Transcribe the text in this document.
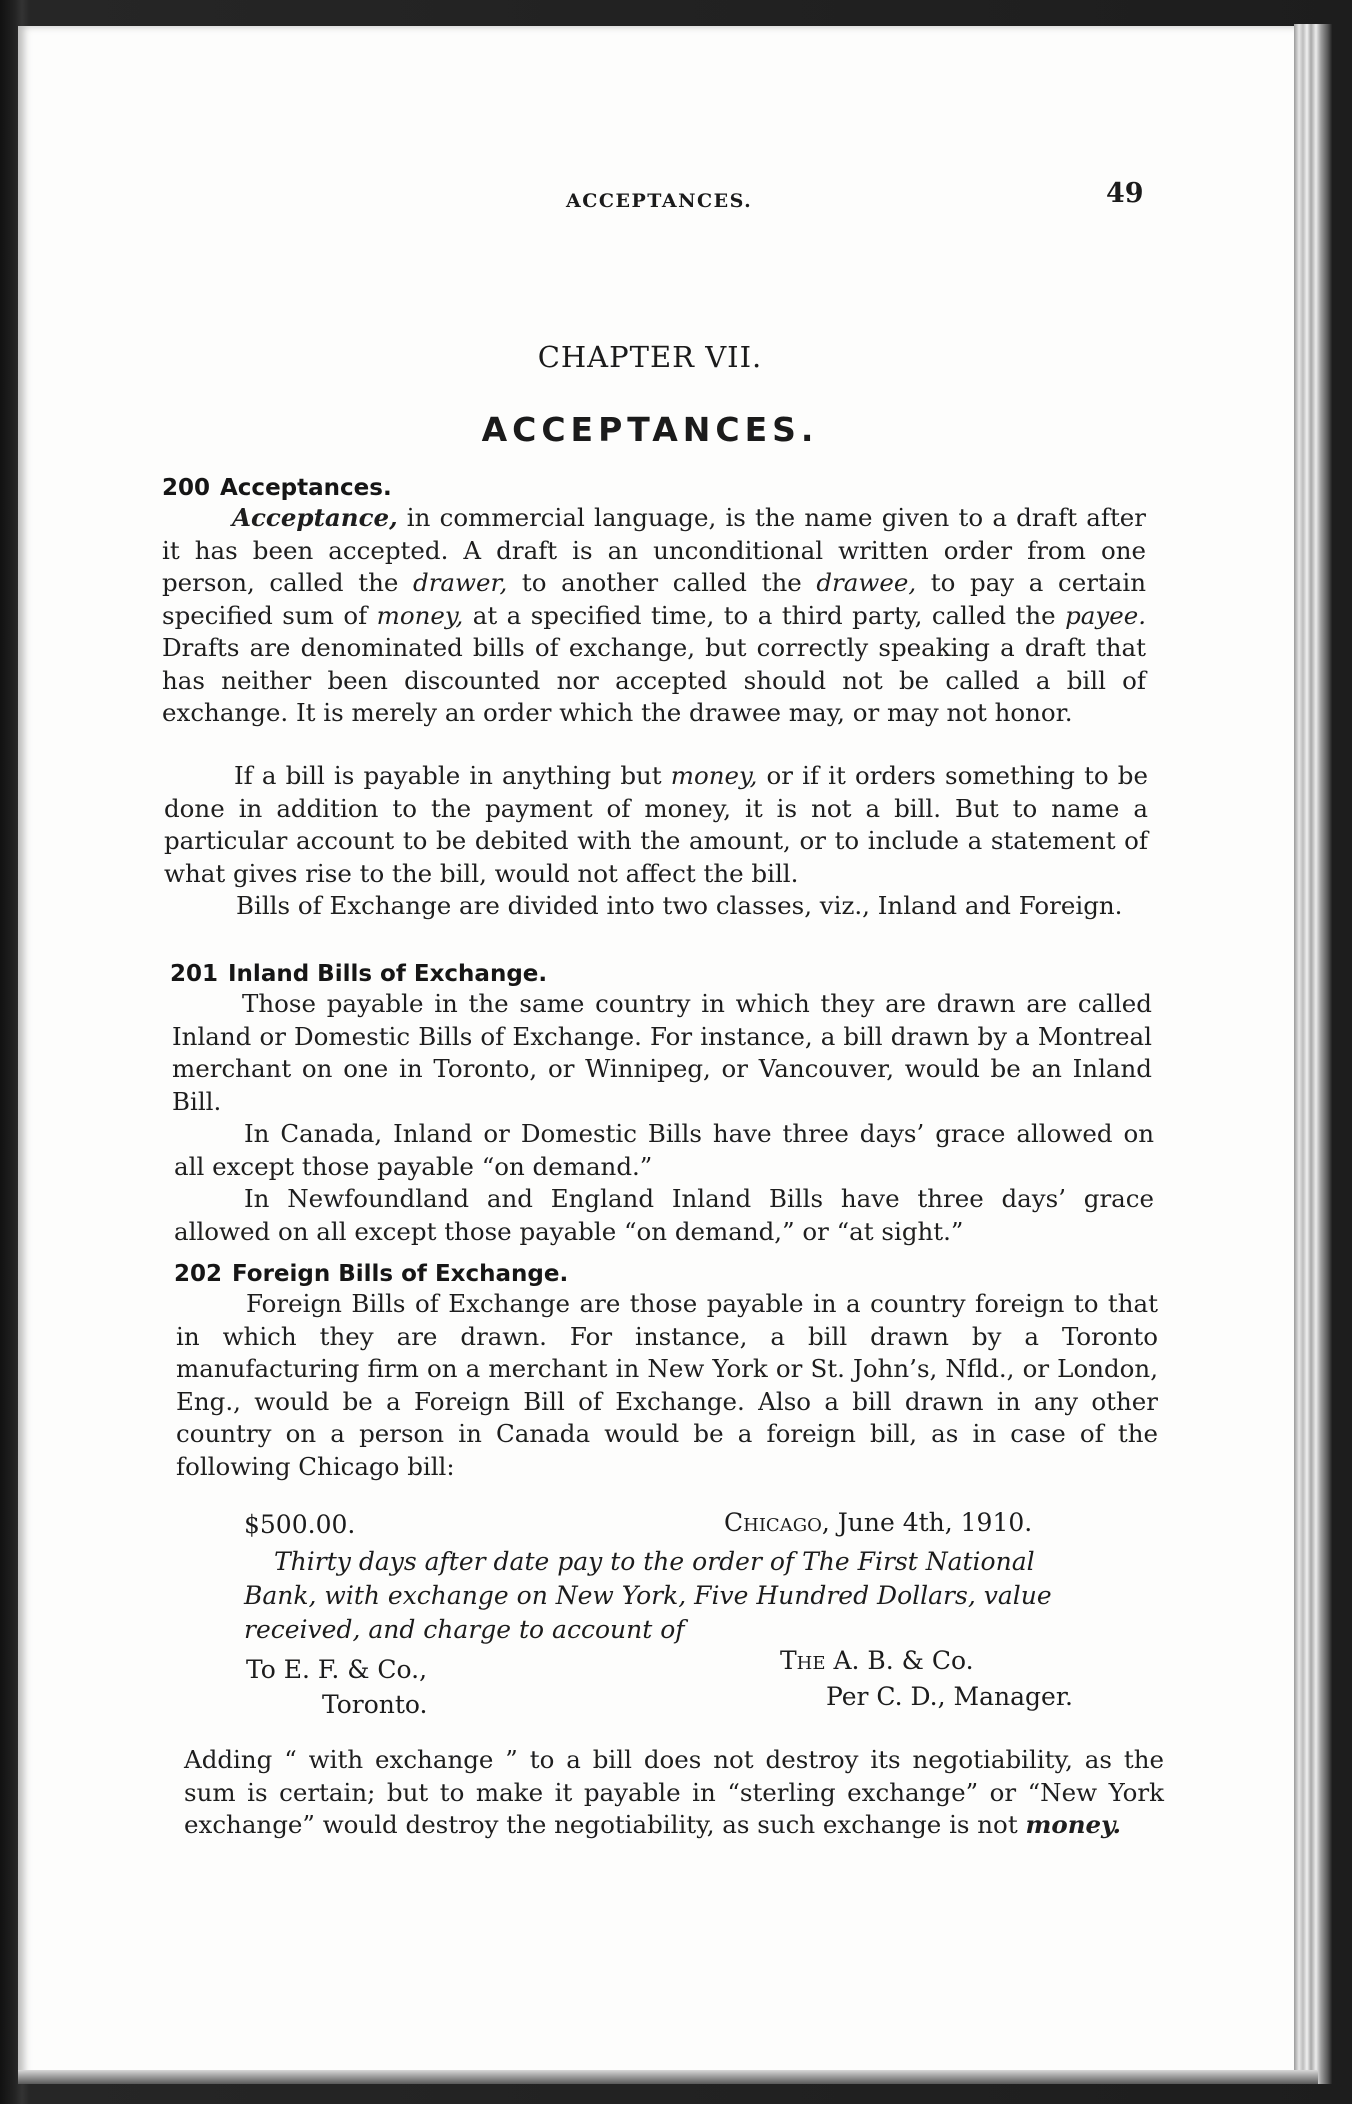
ACCEPTANCES.	49
CHAPTER VII.
ACCEPTANCES.
200 Acceptances.

Acceptance, in commercial language, is the name given to a draft after it has been accepted. A draft is an unconditional written order from one person, called the drawer, to another called the drawee, to pay a certain specified sum of money, at a specified time, to a third party, called the payee. Drafts are denominated bills of exchange, but correctly speaking a draft that has neither been discounted nor accepted should not be called a bill of exchange. It is merely an order which the drawee may, or may not honor.

If a bill is payable in anything but money, or if it orders something to be done in addition to the payment of money, it is not a bill. But to name a particular account to be debited with the amount, or to include a statement of what gives rise to the bill, would not affect the bill.

Bills of Exchange are divided into two classes, viz., Inland and Foreign.

201 Inland Bills of Exchange.

Those payable in the same country in which they are drawn are called Inland or Domestic Bills of Exchange. For instance, a bill drawn by a Montreal merchant on one in Toronto, or Winnipeg, or Vancouver, would be an Inland Bill.

In Canada, Inland or Domestic Bills have three days’ grace allowed on all except those payable “on demand.”

In Newfoundland and England Inland Bills have three days’ grace allowed on all except those payable “on demand,” or “at sight.”

202 Foreign Bills of Exchange.

Foreign Bills of Exchange are those payable in a country foreign to that in which they are drawn. For instance, a bill drawn by a Toronto manufacturing firm on a merchant in New York or St. John’s, Nfld., or London, Eng., would be a Foreign Bill of Exchange. Also a bill drawn in any other country on a person in Canada would be a foreign bill, as in case of the following Chicago bill:

$500.00.	Chicago, June 4th, 1910.

Thirty days after date pay to the order of The First National Bank, with exchange on New York, Five Hundred Dollars, value received, and charge to account of

To E. F. & Co.,
Toronto.
The A. B. & Co.
Per C. D., Manager.

Adding “ with exchange ” to a bill does not destroy its negotiability, as the sum is certain; but to make it payable in “sterling exchange” or “New York exchange” would destroy the negotiability, as such exchange is not money.
